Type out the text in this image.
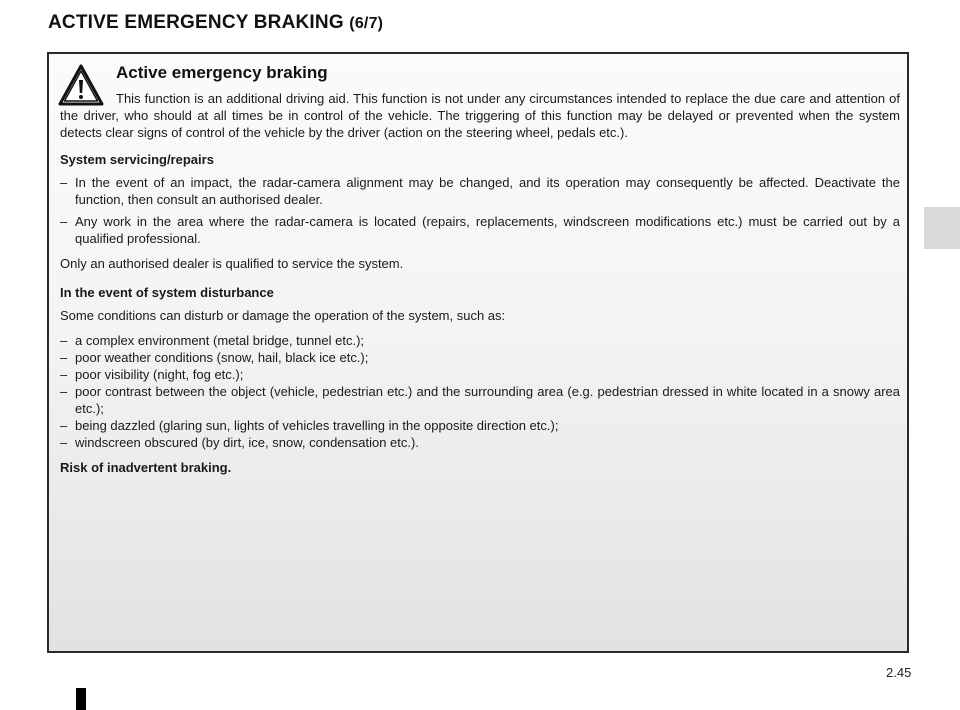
ACTIVE EMERGENCY BRAKING (6/7)
Active emergency braking

This function is an additional driving aid. This function is not under any circumstances intended to replace the due care and attention of the driver, who should at all times be in control of the vehicle. The triggering of this function may be delayed or prevented when the system detects clear signs of control of the vehicle by the driver (action on the steering wheel, pedals etc.).

System servicing/repairs

– In the event of an impact, the radar-camera alignment may be changed, and its operation may consequently be affected. Deactivate the function, then consult an authorised dealer.
– Any work in the area where the radar-camera is located (repairs, replacements, windscreen modifications etc.) must be carried out by a qualified professional.

Only an authorised dealer is qualified to service the system.

In the event of system disturbance

Some conditions can disturb or damage the operation of the system, such as:

– a complex environment (metal bridge, tunnel etc.);
– poor weather conditions (snow, hail, black ice etc.);
– poor visibility (night, fog etc.);
– poor contrast between the object (vehicle, pedestrian etc.) and the surrounding area (e.g. pedestrian dressed in white located in a snowy area etc.);
– being dazzled (glaring sun, lights of vehicles travelling in the opposite direction etc.);
– windscreen obscured (by dirt, ice, snow, condensation etc.).

Risk of inadvertent braking.

2.45
